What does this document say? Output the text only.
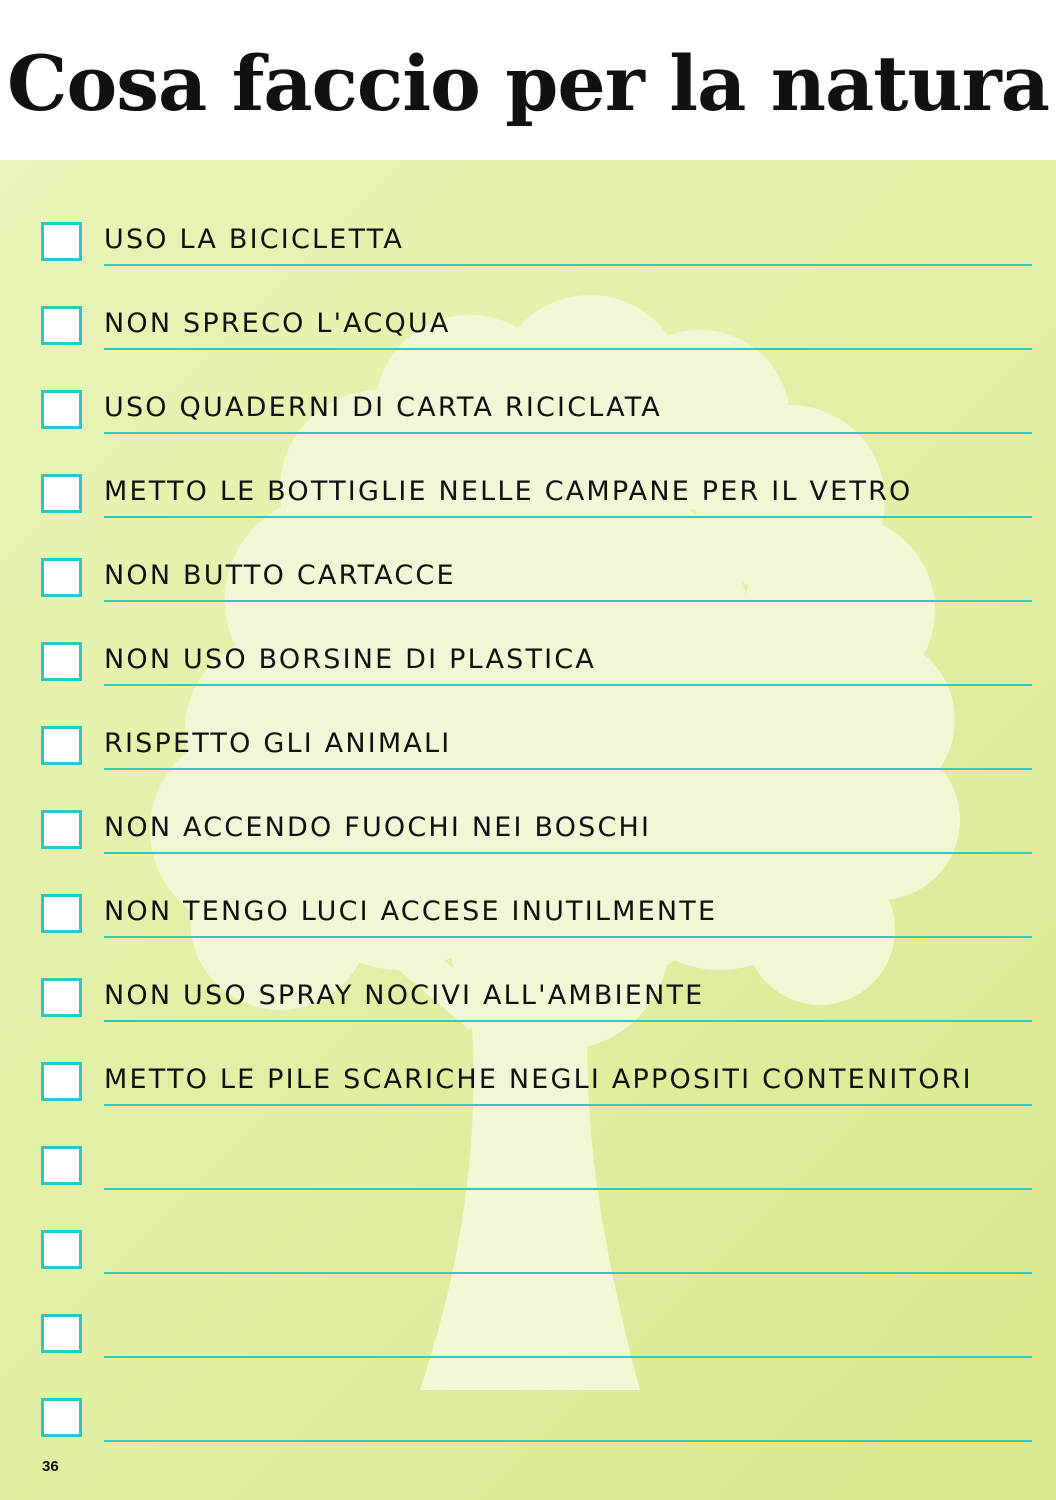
Cosa faccio per la natura
USO LA BICICLETTA
NON SPRECO L'ACQUA
USO QUADERNI DI CARTA RICICLATA
METTO LE BOTTIGLIE NELLE CAMPANE PER IL VETRO
NON BUTTO CARTACCE
NON USO BORSINE DI PLASTICA
RISPETTO GLI ANIMALI
NON ACCENDO FUOCHI NEI BOSCHI
NON TENGO LUCI ACCESE INUTILMENTE
NON USO SPRAY NOCIVI ALL'AMBIENTE
METTO LE PILE SCARICHE NEGLI APPOSITI CONTENITORI
36
